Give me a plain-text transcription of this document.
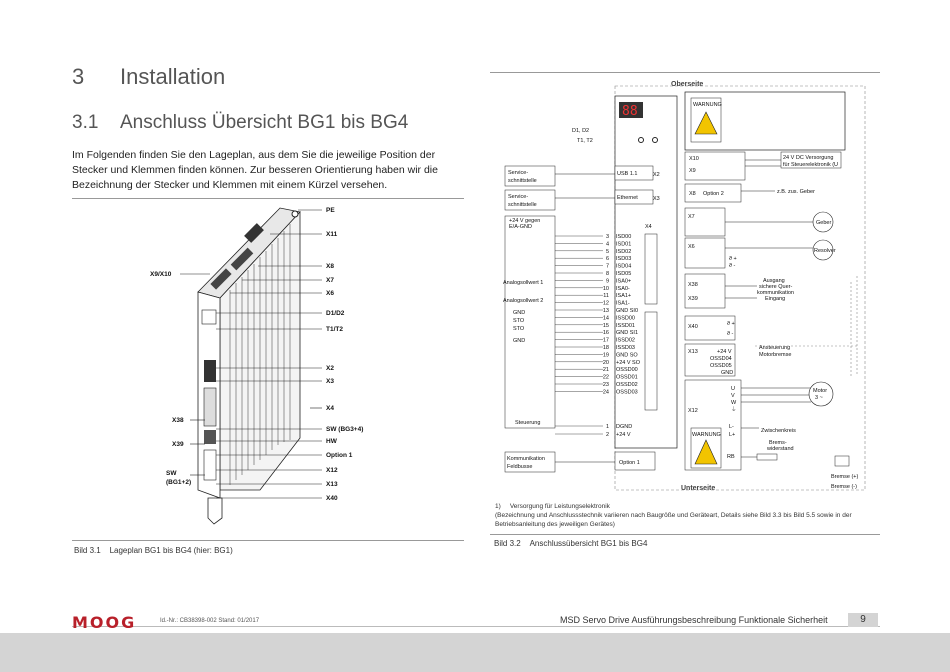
3 Installation
3.1 Anschluss Übersicht BG1 bis BG4
Im Folgenden finden Sie den Lageplan, aus dem Sie die jeweilige Position der Stecker und Klemmen finden können. Zur besseren Orientierung haben wir die Bezeichnung der Stecker und Klemmen mit einem Kürzel versehen.
PE
X11
X8
X7
X6
D1/D2
T1/T2
X2
X3
X4
SW (BG3+4)
HW
Option 1
X12
X13
X40
X9/X10
X38
X39
SW
(BG1+2)
Bild 3.1 Lageplan BG1 bis BG4 (hier: BG1)
Oberseite
Unterseite
88
D1, D2
T1, T2
USB 1.1	X2
Ethernet	X3
Service-
schnittstelle
Service-
schnittstelle
X4
+24 V gegen
E/A-GND
Analogsollwert 1
Analogsollwert 2
GND
STO
STO
GND
Steuerung
3 ISD00
4 ISD01
5 ISD02
6 ISD03
7 ISD04
8 ISD05
9 ISA0+
10 ISA0-
11 ISA1+
12 ISA1-
13 GND SI0
14 ISSD00
15 ISSD01
16 GND SI1
17 ISSD02
18 ISSD03
19 GND SO
20 +24 V SO
21 OSSD00
22 OSSD01
23 OSSD02
24 OSSD03
1 DGND
2 +24 V
Kommunikation
Feldbusse
Option 1
WARNUNG
X10
X9
24 V DC Versorgung
für Steuerelektronik (U
X8 Option 2	z.B. zus. Geber
X7
Geber
X6
ϑ +
ϑ -
Resolver
X38
X39
Ausgang
sichere Quer-
kommunikation
Eingang
X40	ϑ +
ϑ -
X13	+24 V
OSSD04
OSSD05
GND
Ansteuerung
Motorbremse
X12
U
V
W
⏚
L-
L+
RB
WARNUNG
Motor
3 ~
Zwischenkreis
Brems-
widerstand
Bremse (+)
Bremse (-)
1) Versorgung für Leistungselektronik
(Bezeichnung und Anschlussstechnik variieren nach Baugröße und Geräteart, Details siehe Bild 3.3 bis Bild 5.5 sowie in der Betriebsanleitung des jeweiligen Gerätes)
Bild 3.2 Anschlussübersicht BG1 bis BG4
MOOG	Id.-Nr.: CB38398-002 Stand: 01/2017	MSD Servo Drive Ausführungsbeschreibung Funktionale Sicherheit	9
